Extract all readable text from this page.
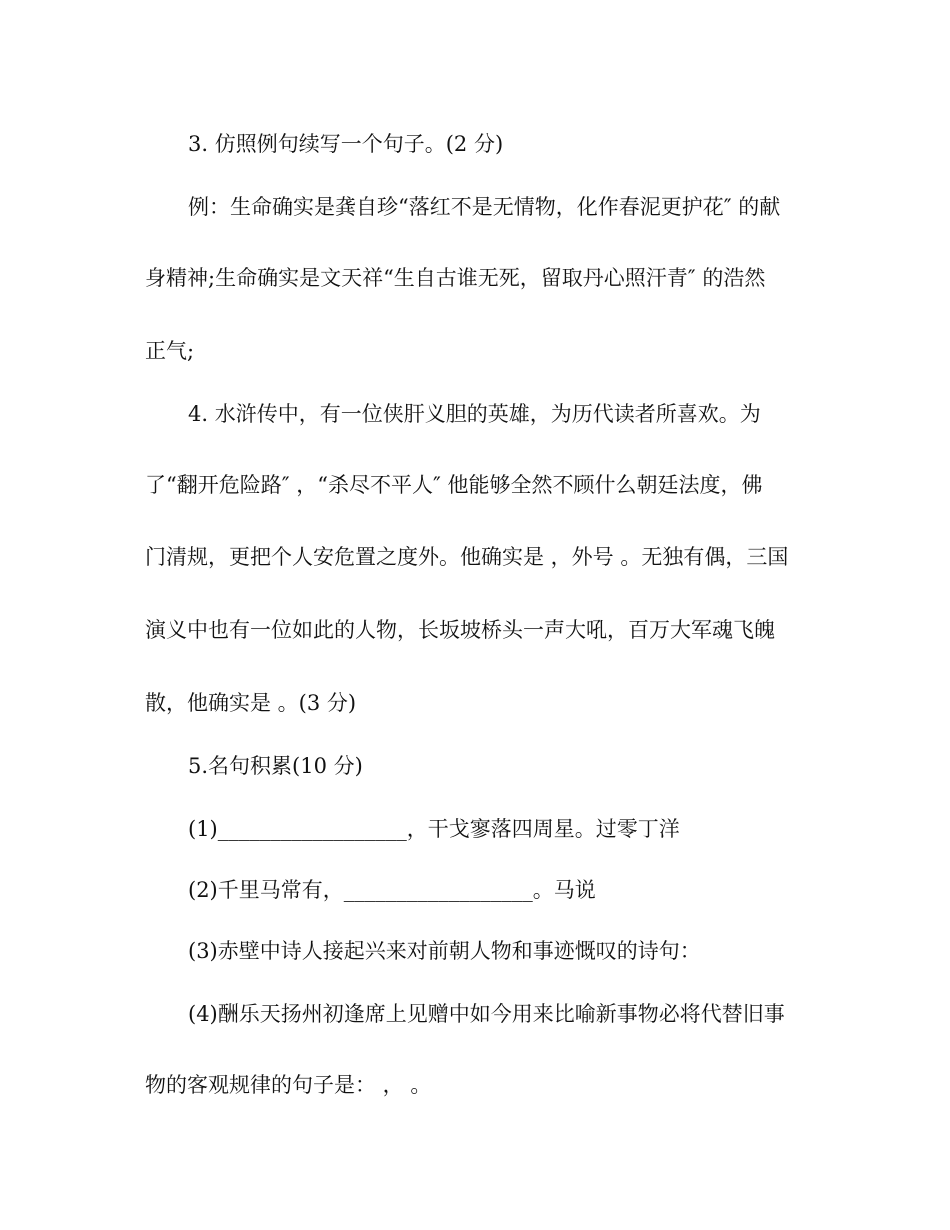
3. 仿照例句续写一个句子。(2 分)
例：生命确实是龚自珍“落红不是无情物，化作春泥更护花″ 的献
身精神;生命确实是文天祥“生自古谁无死，留取丹心照汗青″ 的浩然
正气;
4. 水浒传中，有一位侠肝义胆的英雄，为历代读者所喜欢。为
了“翻开危险路″ ，“杀尽不平人″ 他能够全然不顾什么朝廷法度，佛
门清规，更把个人安危置之度外。他确实是 ，外号 。无独有偶，三国
演义中也有一位如此的人物，长坂坡桥头一声大吼，百万大军魂飞魄
散，他确实是 。(3 分)
5.名句积累(10 分)
(1)__________________，干戈寥落四周星。过零丁洋
(2)千里马常有，__________________。马说
(3)赤壁中诗人接起兴来对前朝人物和事迹慨叹的诗句：
(4)酬乐天扬州初逢席上见赠中如今用来比喻新事物必将代替旧事
物的客观规律的句子是： ， 。
